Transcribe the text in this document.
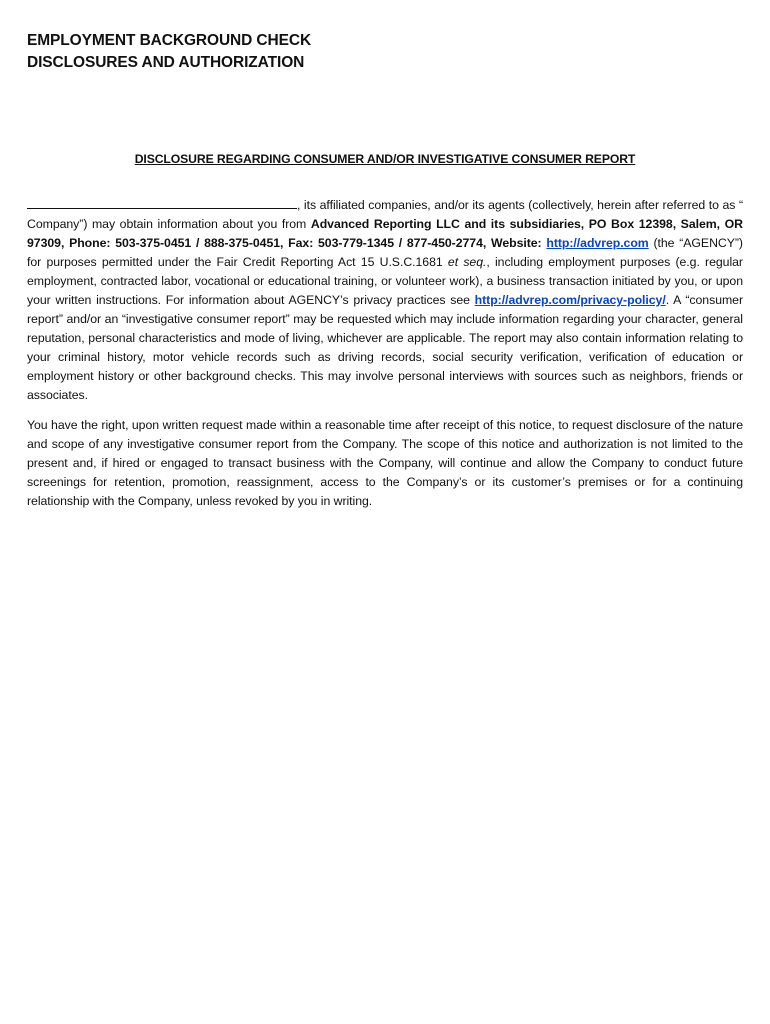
EMPLOYMENT BACKGROUND CHECK
DISCLOSURES AND AUTHORIZATION
DISCLOSURE REGARDING CONSUMER AND/OR INVESTIGATIVE CONSUMER REPORT

, its affiliated companies, and/or its agents (collectively, herein after referred to as “ Company”) may obtain information about you from Advanced Reporting LLC and its subsidiaries, PO Box 12398, Salem, OR 97309, Phone: 503-375-0451 / 888-375-0451, Fax: 503-779-1345 / 877-450-2774, Website: http://advrep.com (the “AGENCY”) for purposes permitted under the Fair Credit Reporting Act 15 U.S.C.1681 et seq., including employment purposes (e.g. regular employment, contracted labor, vocational or educational training, or volunteer work), a business transaction initiated by you, or upon your written instructions. For information about AGENCY’s privacy practices see http://advrep.com/privacy-policy/. A “consumer report” and/or an “investigative consumer report” may be requested which may include information regarding your character, general reputation, personal characteristics and mode of living, whichever are applicable. The report may also contain information relating to your criminal history, motor vehicle records such as driving records, social security verification, verification of education or employment history or other background checks. This may involve personal interviews with sources such as neighbors, friends or associates.

You have the right, upon written request made within a reasonable time after receipt of this notice, to request disclosure of the nature and scope of any investigative consumer report from the Company. The scope of this notice and authorization is not limited to the present and, if hired or engaged to transact business with the Company, will continue and allow the Company to conduct future screenings for retention, promotion, reassignment, access to the Company’s or its customer’s premises or for a continuing relationship with the Company, unless revoked by you in writing.
